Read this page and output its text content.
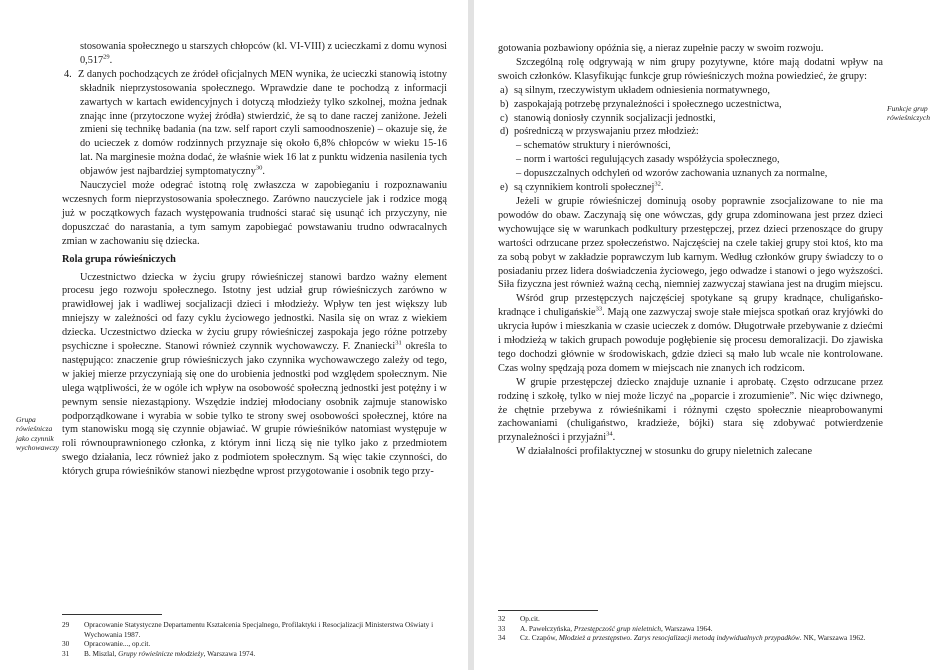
Grupa rówieśnicza jako czynnik wychowawczy

stosowania społecznego u starszych chłopców (kl. VI-VIII) z ucieczkami z domu wynosi 0,517$^{29}$.

4. Z danych pochodzących ze źródeł oficjalnych MEN wynika, że ucieczki stanowią istotny składnik nieprzystosowania społecznego. Wprawdzie dane te pochodzą z informacji zawartych w kartach ewidencyjnych i dotyczą młodzieży tylko szkolnej, można jednak znając inne (przytoczone wyżej źródła) stwierdzić, że są to dane raczej zaniżone. Jeżeli zmieni się technikę badania (na tzw. self raport czyli samoodnoszenie) – okazuje się, że do ucieczek z domów rodzinnych przyznaje się około 6,8% chłopców w wieku 15-16 lat. Na marginesie można dodać, że właśnie wiek 16 lat z punktu widzenia nasilenia tych objawów jest najbardziej symptomatyczny$^{30}$.

Nauczyciel może odegrać istotną rolę zwłaszcza w zapobieganiu i rozpoznawaniu wczesnych form nieprzystosowania społecznego. Zarówno nauczyciele jak i rodzice mogą już w początkowych fazach występowania trudności starać się usunąć ich przyczyny, nie dopuszczać do narastania, a tym samym zapobiegać powstawaniu trudno odwracalnych zmian w zachowaniu się dziecka.

Rola grupa rówieśniczych

Uczestnictwo dziecka w życiu grupy rówieśniczej stanowi bardzo ważny element procesu jego rozwoju społecznego. Istotny jest udział grup rówieśniczych zarówno w prawidłowej jak i wadliwej socjalizacji dzieci i młodzieży. Wpływ ten jest większy lub mniejszy w zależności od fazy cyklu życiowego jednostki. Nasila się on wraz z wiekiem dziecka. Uczestnictwo dziecka w życiu grupy rówieśniczej zaspokaja jego różne potrzeby psychiczne i społeczne. Stanowi również czynnik wychowawczy. F. Znaniecki$^{31}$ określa to następująco: znaczenie grup rówieśniczych jako czynnika wychowawczego zależy od tego, w jakiej mierze przyczyniają się one do urobienia jednostki pod względem społecznym. Nie ulega wątpliwości, że w ogóle ich wpływ na osobowość społeczną jednostki jest potężny i w pewnym sensie niezastąpiony. Wszędzie indziej młodociany osobnik zajmuje stanowisko podporządkowane i wyrabia w sobie tylko te strony swej osobowości społecznej, które na tym stanowisku mogą się czynnie objawiać. W grupie rówieśników natomiast występuje w roli równouprawnionego członka, z którym inni liczą się nie tylko jako z przedmiotem swego działania, lecz również jako z podmiotem społecznym. Są więc takie czynności, do których grupa rówieśników stanowi niezbędne wprost przygotowanie i osobnik tego przy-

29 Opracowanie Statystyczne Departamentu Kształcenia Specjalnego, Profilaktyki i Resocjalizacji Ministerstwa Oświaty i Wychowania 1987.

30 Opracowanie..., op.cit.

31 B. Miszlal, Grupy rówieśnicze młodzieży, Warszawa 1974.

Funkcje grup rówieśniczych

gotowania pozbawiony opóźnia się, a nieraz zupełnie paczy w swoim rozwoju.

Szczególną rolę odgrywają w nim grupy pozytywne, które mają dodatni wpływ na swoich członków. Klasyfikując funkcje grup rówieśniczych można powiedzieć, że grupy:

a) są silnym, rzeczywistym układem odniesienia normatywnego,

b) zaspokajają potrzebę przynależności i społecznego uczestnictwa,

c) stanowią doniosły czynnik socjalizacji jednostki,

d) pośredniczą w przyswajaniu przez młodzież:

– schematów struktury i nierówności,

– norm i wartości regulujących zasady współżycia społecznego,

– dopuszczalnych odchyleń od wzorów zachowania uznanych za normalne,

e) są czynnikiem kontroli społecznej$^{32}$.

Jeżeli w grupie rówieśniczej dominują osoby poprawnie zsocjalizowane to nie ma powodów do obaw. Zaczynają się one wówczas, gdy grupa zdominowana jest przez dzieci wychowujące się w warunkach podkultury przestępczej, przez dzieci przenoszące do grupy wartości odrzucane przez społeczeństwo. Najczęściej na czele takiej grupy stoi ktoś, kto ma za sobą pobyt w zakładzie poprawczym lub karnym. Według członków grupy świadczy to o posiadaniu przez lidera doświadczenia życiowego, jego odwadze i stanowi o jego wyższości. Siła fizyczna jest również ważną cechą, niemniej zazwyczaj stawiana jest na drugim miejscu.

Wśród grup przestępczych najczęściej spotykane są grupy kradnące, chuligańsko-kradnące i chuligańskie$^{33}$. Mają one zazwyczaj swoje stałe miejsca spotkań oraz kryjówki do ukrycia łupów i mieszkania w czasie ucieczek z domów. Długotrwałe przebywanie z dziećmi i młodzieżą w takich grupach powoduje pogłębienie się procesu demoralizacji. Do zjawiska tego dochodzi głównie w środowiskach, gdzie dzieci są mało lub wcale nie kontrolowane. Czas wolny spędzają poza domem w miejscach nie znanych ich rodzicom.

W grupie przestępczej dziecko znajduje uznanie i aprobatę. Często odrzucane przez rodzinę i szkołę, tylko w niej może liczyć na „poparcie i zrozumienie”. Nic więc dziwnego, że chętnie przebywa z rówieśnikami i różnymi często społecznie nieaprobowanymi zachowaniami (chuligaństwo, kradzieże, bójki) stara się zdobywać potwierdzenie przynależności i przyjaźni$^{34}$.

W działalności profilaktycznej w stosunku do grupy nieletnich zalecane

32 Op.cit.

33 A. Pawełczyńska, Przestępczość grup nieletnich, Warszawa 1964.

34 Cz. Czapów, Młodzież a przestępstwo. Zarys resocjalizacji metodą indywidualnych przypadków. NK, Warszawa 1962.
